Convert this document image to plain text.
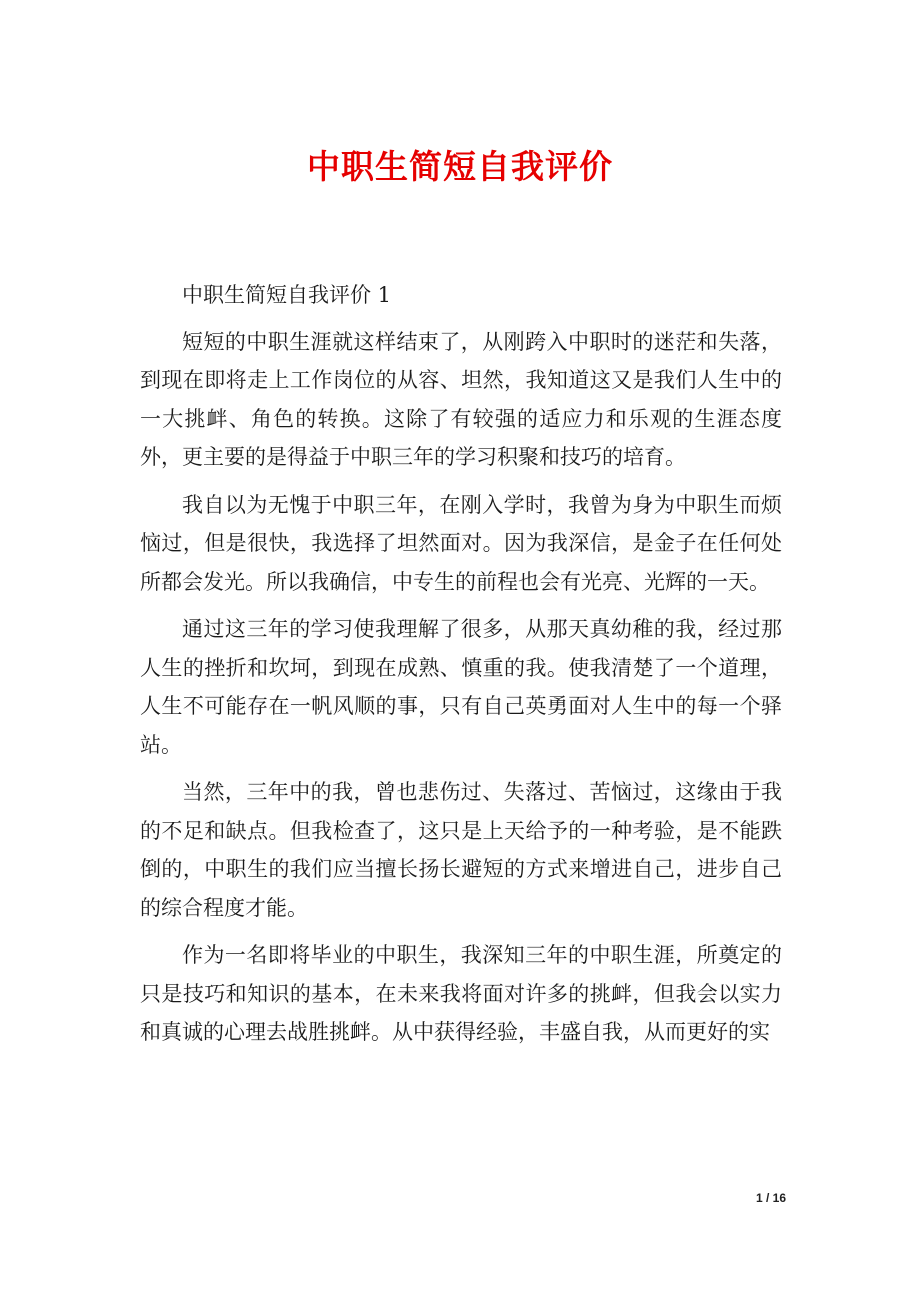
中职生简短自我评价

中职生简短自我评价 1

短短的中职生涯就这样结束了，从刚跨入中职时的迷茫和失落，到现在即将走上工作岗位的从容、坦然，我知道这又是我们人生中的一大挑衅、角色的转换。这除了有较强的适应力和乐观的生涯态度外，更主要的是得益于中职三年的学习积聚和技巧的培育。

我自以为无愧于中职三年，在刚入学时，我曾为身为中职生而烦恼过，但是很快，我选择了坦然面对。因为我深信，是金子在任何处所都会发光。所以我确信，中专生的前程也会有光亮、光辉的一天。

通过这三年的学习使我理解了很多，从那天真幼稚的我，经过那人生的挫折和坎坷，到现在成熟、慎重的我。使我清楚了一个道理，人生不可能存在一帆风顺的事，只有自己英勇面对人生中的每一个驿站。

当然，三年中的我，曾也悲伤过、失落过、苦恼过，这缘由于我的不足和缺点。但我检查了，这只是上天给予的一种考验，是不能跌倒的，中职生的我们应当擅长扬长避短的方式来增进自己，进步自己的综合程度才能。

作为一名即将毕业的中职生，我深知三年的中职生涯，所奠定的只是技巧和知识的基本，在未来我将面对许多的挑衅，但我会以实力和真诚的心理去战胜挑衅。从中获得经验，丰盛自我，从而更好的实

1 / 16
